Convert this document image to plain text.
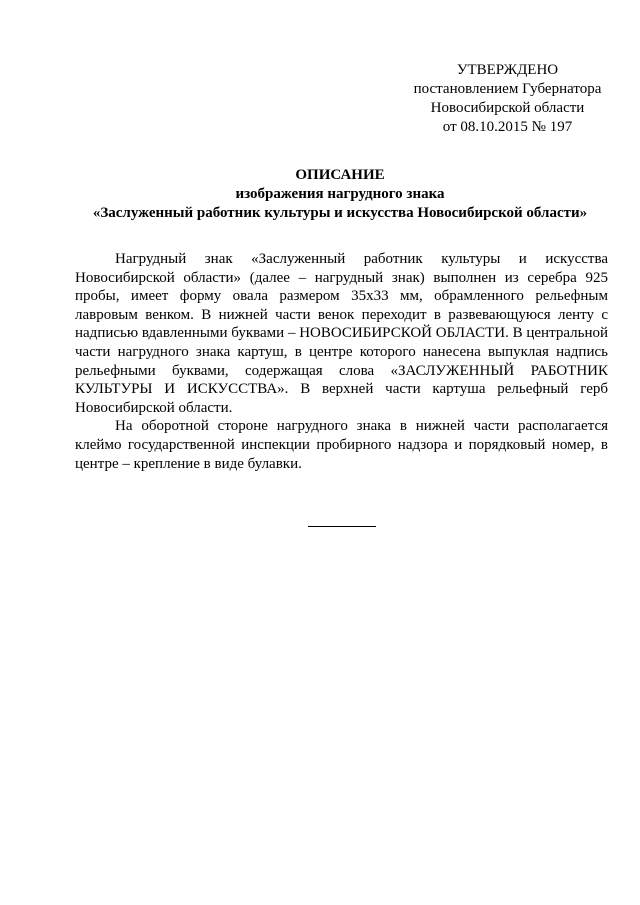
УТВЕРЖДЕНО
постановлением Губернатора
Новосибирской области
от 08.10.2015 № 197
ОПИСАНИЕ
изображения нагрудного знака
«Заслуженный работник культуры и искусства Новосибирской области»

Нагрудный знак «Заслуженный работник культуры и искусства Новосибирской области» (далее – нагрудный знак) выполнен из серебра 925 пробы, имеет форму овала размером 35х33 мм, обрамленного рельефным лавровым венком. В нижней части венок переходит в развевающуюся ленту с надписью вдавленными буквами – НОВОСИБИРСКОЙ ОБЛАСТИ. В центральной части нагрудного знака картуш, в центре которого нанесена выпуклая надпись рельефными буквами, содержащая слова «ЗАСЛУЖЕННЫЙ РАБОТНИК КУЛЬТУРЫ И ИСКУССТВА». В верхней части картуша рельефный герб Новосибирской области.

На оборотной стороне нагрудного знака в нижней части располагается клеймо государственной инспекции пробирного надзора и порядковый номер, в центре – крепление в виде булавки.
